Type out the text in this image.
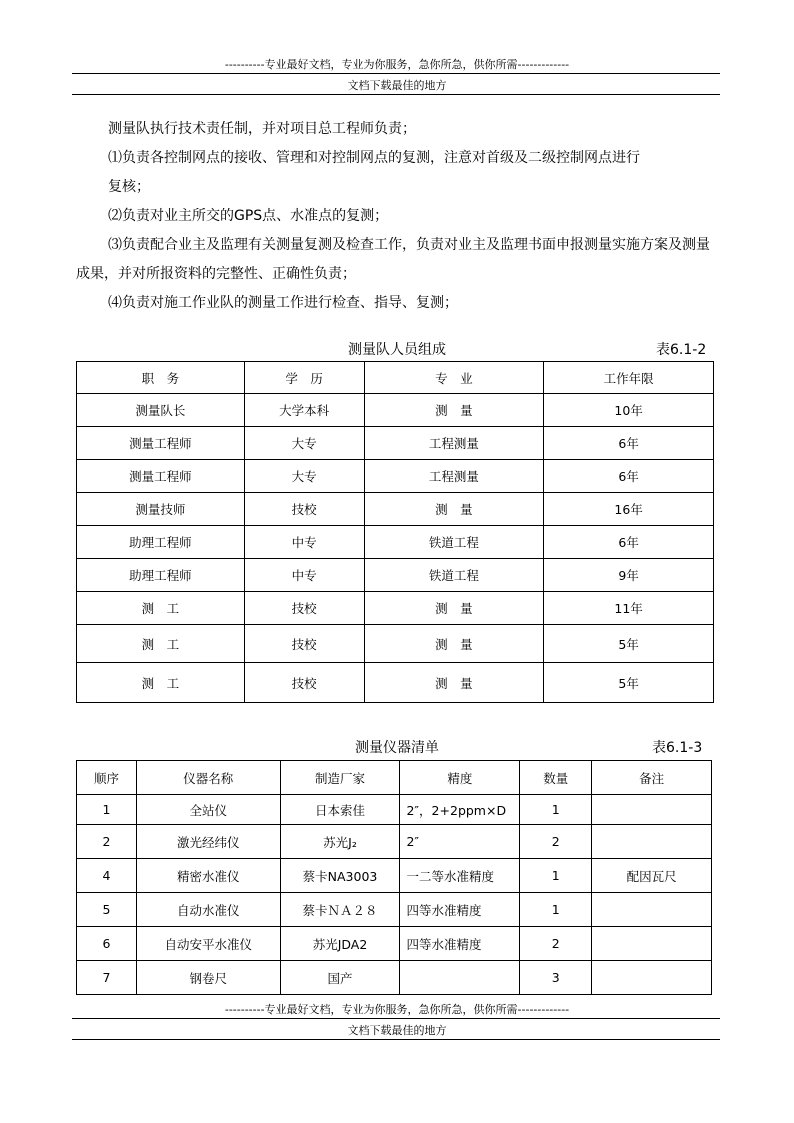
----------专业最好文档，专业为你服务，急你所急，供你所需-------------
文档下载最佳的地方

测量队执行技术责任制，并对项目总工程师负责；

⑴负责各控制网点的接收、管理和对控制网点的复测，注意对首级及二级控制网点进行

复核；

⑵负责对业主所交的GPS点、水准点的复测；

⑶负责配合业主及监理有关测量复测及检查工作，负责对业主及监理书面申报测量实施方案及测量成果，并对所报资料的完整性、正确性负责；

⑷负责对施工作业队的测量工作进行检查、指导、复测；

测量队人员组成	表6.1-2
职　务	学　历	专　业	工作年限
测量队长	大学本科	测　量	10年
测量工程师	大专	工程测量	6年
测量工程师	大专	工程测量	6年
测量技师	技校	测　量	16年
助理工程师	中专	铁道工程	6年
助理工程师	中专	铁道工程	9年
测　工	技校	测　量	11年
测　工	技校	测　量	5年
测　工	技校	测　量	5年
测量仪器清单	表6.1-3
顺序	仪器名称	制造厂家	精度	数量	备注
1	全站仪	日本索佳	2″，2+2ppm×D	1	
2	激光经纬仪	苏光J₂	2″	2	
4	精密水准仪	蔡卡NA3003	一二等水准精度	1	配因瓦尺
5	自动水准仪	蔡卡ＮＡ２８	四等水准精度	1	
6	自动安平水准仪	苏光JDA2	四等水准精度	2	
7	钢卷尺	国产		3	
----------专业最好文档，专业为你服务，急你所急，供你所需-------------
文档下载最佳的地方
